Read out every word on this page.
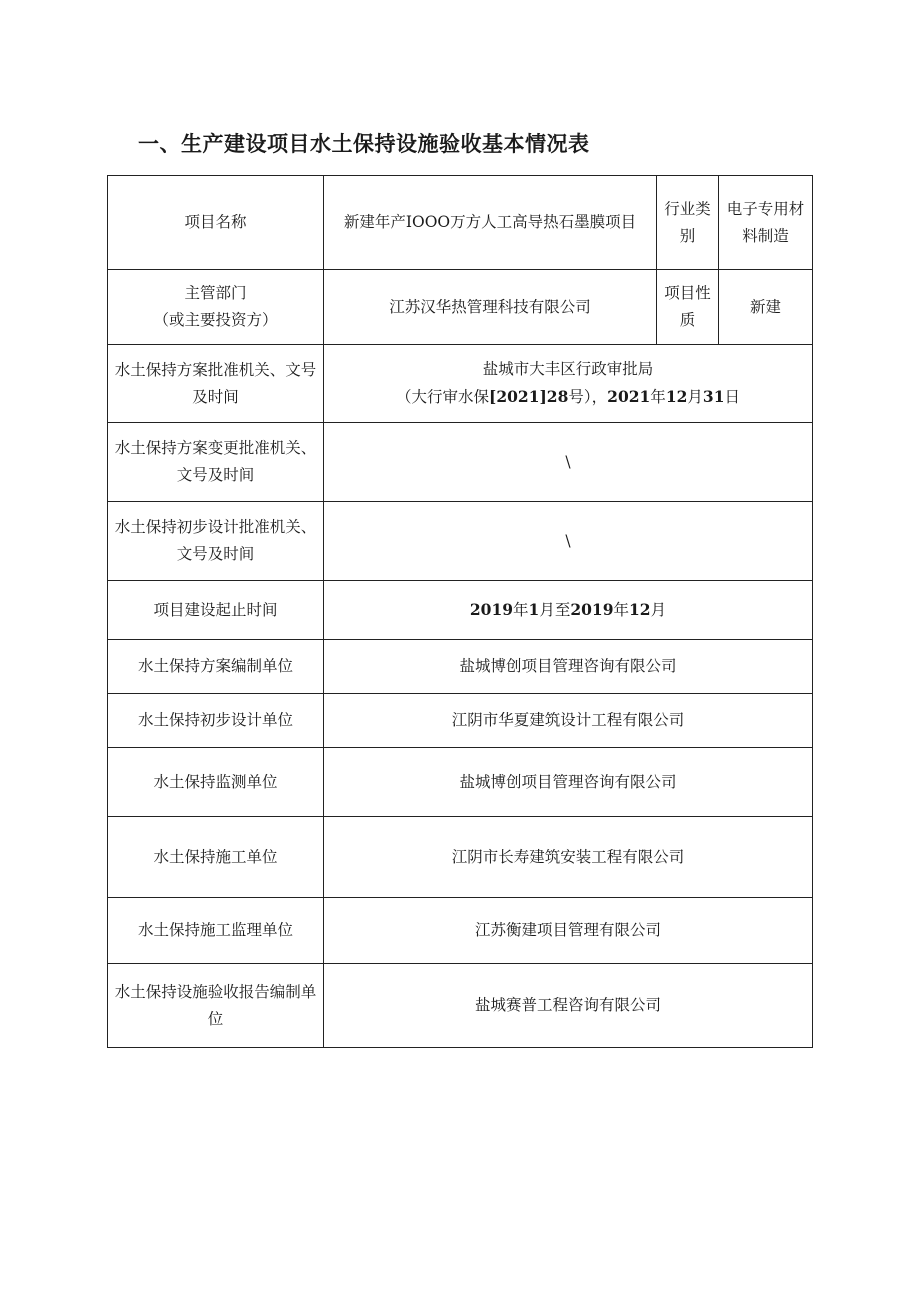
一、生产建设项目水土保持设施验收基本情况表
项目名称	新建年产IOOO万方人工高导热石墨膜项目	行业类别	电子专用材料制造

主管部门
（或主要投资方）	江苏汉华热管理科技有限公司	项目性质	新建
水土保持方案批准机关、文号及时间	盐城市大丰区行政审批局
（大行审水保[2021]28号），2021年12月31日		

水土保持方案变更批准机关、文号及时间	\		
水土保持初步设计批准机关、文号及时间	\		
项目建设起止时间	2019年1月至2019年12月		
水土保持方案编制单位	盐城博创项目管理咨询有限公司		
水土保持初步设计单位	江阴市华夏建筑设计工程有限公司		
水土保持监测单位	盐城博创项目管理咨询有限公司		
水土保持施工单位	江阴市长寿建筑安装工程有限公司		
水土保持施工监理单位	江苏衡建项目管理有限公司		
水土保持设施验收报告编制单位	盐城赛普工程咨询有限公司		
